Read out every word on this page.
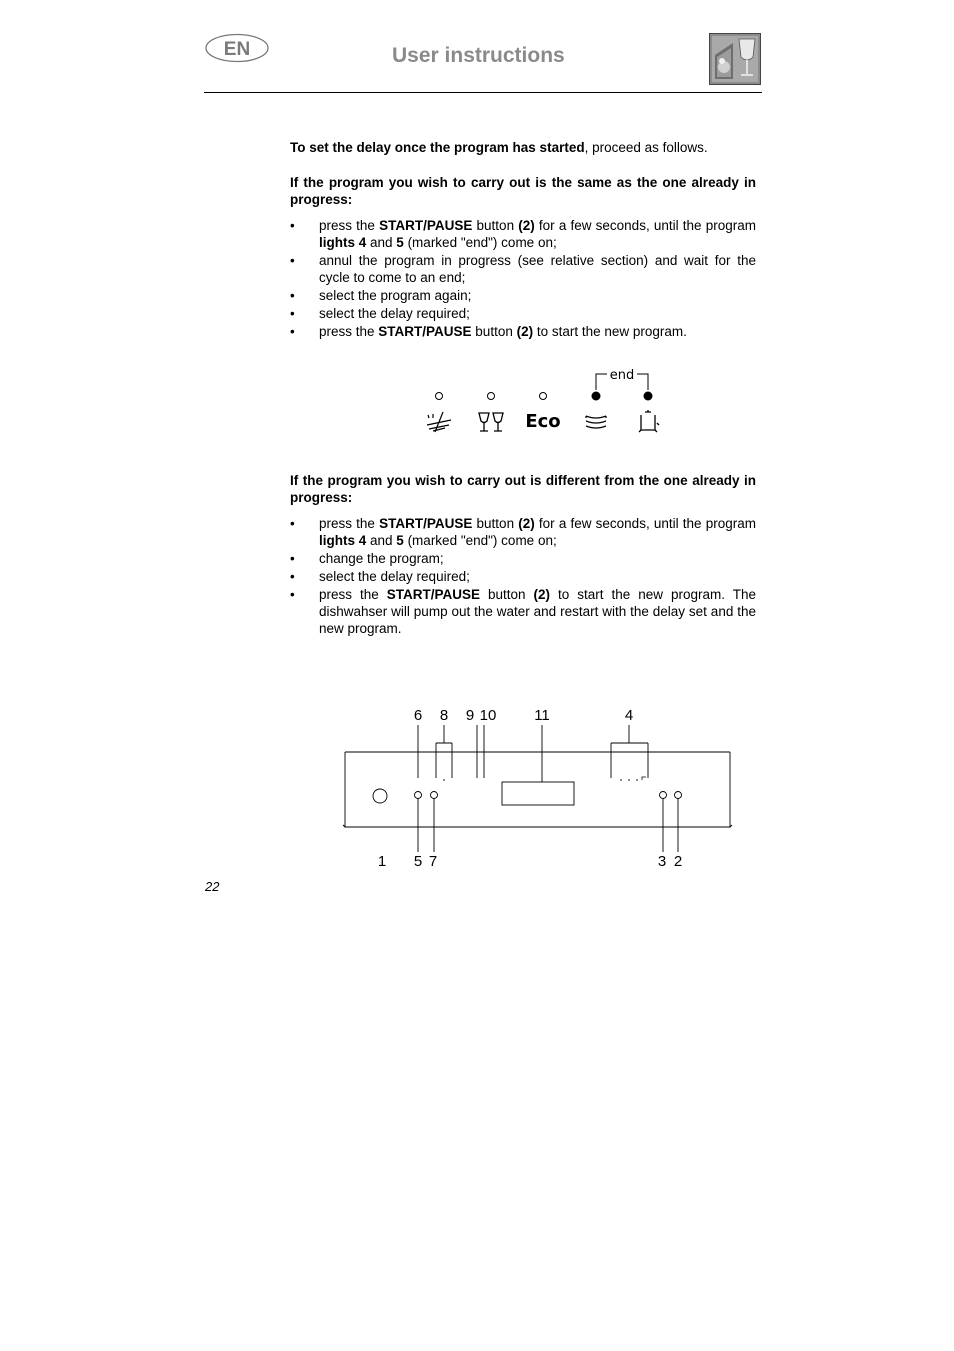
EN	User instructions

To set the delay once the program has started, proceed as follows.

If the program you wish to carry out is the same as the one already in progress:

• press the START/PAUSE button (2) for a few seconds, until the program lights 4 and 5 (marked "end") come on;
• annul the program in progress (see relative section) and wait for the cycle to come to an end;
• select the program again;
• select the delay required;
• press the START/PAUSE button (2) to start the new program.
end
Eco

If the program you wish to carry out is different from the one already in progress:

• press the START/PAUSE button (2) for a few seconds, until the program lights 4 and 5 (marked "end") come on;
• change the program;
• select the delay required;
• press the START/PAUSE button (2) to start the new program. The dishwahser will pump out the water and restart with the delay set and the new program.
6 8 9 10	11	4
1 5 7	3 2
22
